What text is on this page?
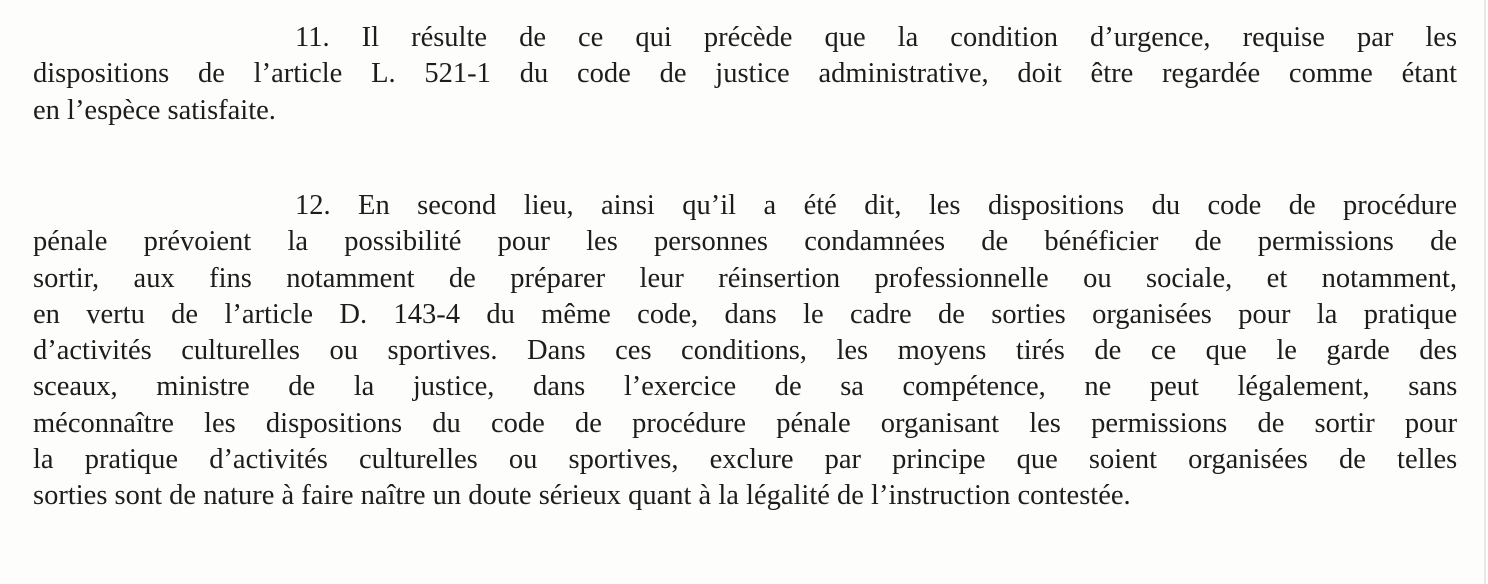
11. Il résulte de ce qui précède que la condition d’urgence, requise par les
dispositions de l’article L. 521-1 du code de justice administrative, doit être regardée comme étant
en l’espèce satisfaite.
12. En second lieu, ainsi qu’il a été dit, les dispositions du code de procédure
pénale prévoient la possibilité pour les personnes condamnées de bénéficier de permissions de
sortir, aux fins notamment de préparer leur réinsertion professionnelle ou sociale, et notamment,
en vertu de l’article D. 143-4 du même code, dans le cadre de sorties organisées pour la pratique
d’activités culturelles ou sportives. Dans ces conditions, les moyens tirés de ce que le garde des
sceaux, ministre de la justice, dans l’exercice de sa compétence, ne peut légalement, sans
méconnaître les dispositions du code de procédure pénale organisant les permissions de sortir pour
la pratique d’activités culturelles ou sportives, exclure par principe que soient organisées de telles
sorties sont de nature à faire naître un doute sérieux quant à la légalité de l’instruction contestée.
